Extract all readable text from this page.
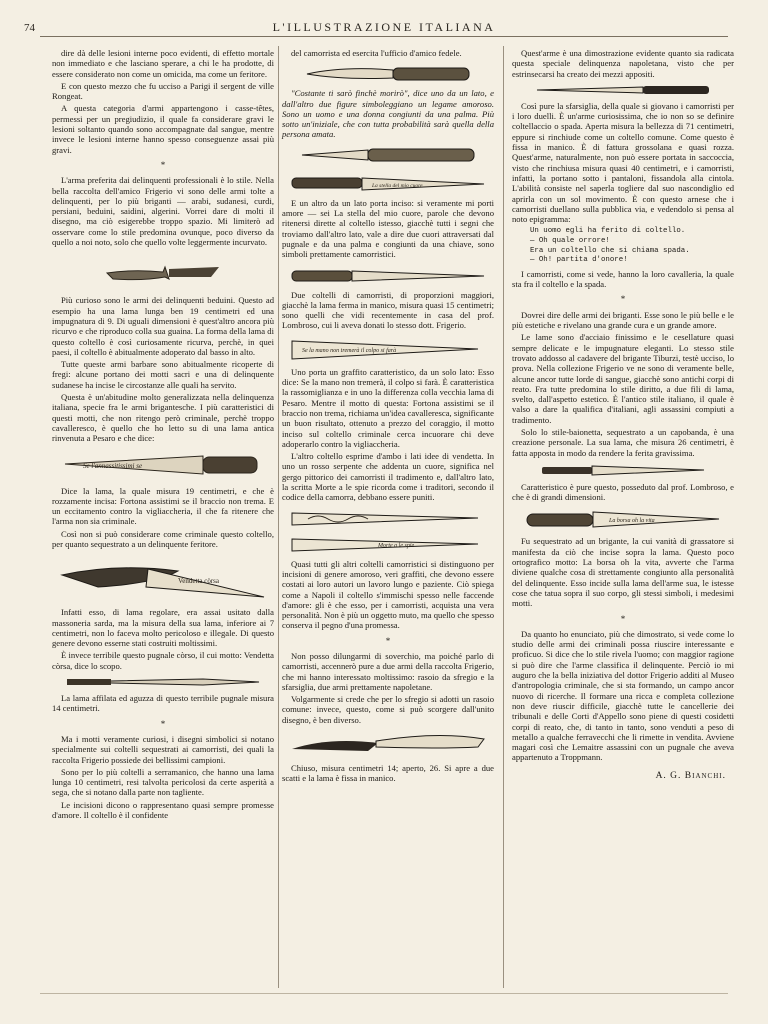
74	L'ILLUSTRAZIONE ITALIANA

dire dà delle lesioni interne poco evidenti, di effetto mortale non immediato e che lasciano sperare, a chi le ha prodotte, di essere considerato non come un omicida, ma come un feritore.

E con questo mezzo che fu ucciso a Parigi il sergent de ville Rongeat.

A questa categoria d'armi appartengono i casse-têtes, permessi per un pregiudizio, il quale fa considerare gravi le lesioni soltanto quando sono accompagnate dal sangue, mentre invece le lesioni interne hanno spesso conseguenze assai più gravi.

*

L'arma preferita dai delinquenti professionali è lo stile. Nella bella raccolta dell'amico Frigerio vi sono delle armi tolte a delinquenti, per lo più briganti — arabi, sudanesi, curdi, persiani, beduini, saidini, algerini. Vorrei dare di molti il disegno, ma ciò esigerebbe troppo spazio. Mi limiterò ad osservare come lo stile predomina ovunque, poco diverso da quello a noi noto, solo che quello volte leggermente incurvato.

Più curioso sono le armi dei delinquenti beduini. Questo ad esempio ha una lama lunga ben 19 centimetri ed una impugnatura di 9. Di uguali dimensioni è quest'altro ancora più ricurvo e che riproduco colla sua guaina. La forma della lama di questo coltello è così curiosamente ricurva, perchè, in quei paesi, il coltello è abitualmente adoperato dal basso in alto.

Tutte queste armi barbare sono abitualmente ricoperte di fregi: alcune portano dei motti sacri e una di delinquente sudanese ha incise le circostanze alle quali ha servito.

Questa è un'abitudine molto generalizzata nella delinquenza italiana, specie fra le armi brigantesche. I più caratteristici di questi motti, che non ritengo però criminale, perchè troppo cavalleresco, è quello che ho letto su di una lama antica rinvenuta a Pesaro e che dice:

Se l'annassitissimi se

Dice la lama, la quale misura 19 centimetri, e che è rozzamente incisa: Fortona assistimi se il braccio non trema. E un eccitamento contro la vigliaccheria, il che fa ritenere che l'arma non sia criminale.

Così non si può considerare come criminale questo coltello, per quanto sequestrato a un delinquente feritore.

Vendetta còrsa

Infatti esso, di lama regolare, era assai usitato dalla massoneria sarda, ma la misura della sua lama, inferiore ai 7 centimetri, non lo faceva molto pericoloso e illegale. Di questo genere devono esserne stati costruiti moltissimi.

È invece terribile questo pugnale còrso, il cui motto: Vendetta còrsa, dice lo scopo.

La lama affilata ed aguzza di questo terribile pugnale misura 14 centimetri.

*

Ma i motti veramente curiosi, i disegni simbolici si notano specialmente sui coltelli sequestrati ai camorristi, dei quali la raccolta Frigerio possiede dei bellissimi campioni.

Sono per lo più coltelli a serramanico, che hanno una lama lunga 10 centimetri, resi talvolta pericolosi da certe asperità a sega, che si notano dalla parte non tagliente.

Le incisioni dicono o rappresentano quasi sempre promesse d'amore. Il coltello è il confidente

del camorrista ed esercita l'ufficio d'amico fedele.

"Costante ti sarò finchè morirò", dice uno da un lato, e dall'altro due figure simboleggiano un legame amoroso. Sono un uomo e una donna congiunti da una palma. Più sotto un'iniziale, che con tutta probabilità sarà quella della persona amata.

La stella del mio cuore

E un altro da un lato porta inciso: si veramente mi porti amore — sei La stella del mio cuore, parole che devono ritenersi dirette al coltello istesso, giacchè tutti i segni che troviamo dall'altro lato, vale a dire due cuori attraversati dal pugnale e da una palma e congiunti da una chiave, sono simboli prettamente camorristici.

Due coltelli di camorristi, di proporzioni maggiori, giacchè la lama ferma in manico, misura quasi 15 centimetri; sono quelli che vidi recentemente in casa del prof. Lombroso, cui li aveva donati lo stesso dott. Frigerio.

Se la mano non tremerà il colpo si farà

Uno porta un graffito caratteristico, da un solo lato: Esso dice: Se la mano non tremerà, il colpo si farà. È caratteristica la rassomiglianza e in uno la differenza colla vecchia lama di Pesaro. Mentre il motto di questa: Fortona assistimi se il braccio non trema, richiama un'idea cavalleresca, significante un buon risultato, ottenuto a prezzo del coraggio, il motto inciso sul coltello criminale cerca incuorare chi deve adoperarlo contro la vigliaccheria.

L'altro coltello esprime d'ambo i lati idee di vendetta. In uno un rosso serpente che addenta un cuore, significa nel gergo pittorico dei camorristi il tradimento e, dall'altro lato, la scritta Morte a le spie ricorda come i traditori, secondo il codice della camorra, debbano essere puniti.

Morte a le spie

Quasi tutti gli altri coltelli camorristici si distinguono per incisioni di genere amoroso, veri graffiti, che devono essere costati ai loro autori un lavoro lungo e paziente. Ciò spiega come a Napoli il coltello s'immischi spesso nelle faccende d'amore: gli è che esso, per i camorristi, acquista una vera personalità. Non è più un oggetto muto, ma quello che spesso conserva il pegno d'una promessa.

*

Non posso dilungarmi di soverchio, ma poiché parlo di camorristi, accennerò pure a due armi della raccolta Frigerio, che mi hanno interessato moltissimo: rasoio da sfregio e la sfarsiglia, due armi prettamente napoletane.

Volgarmente si crede che per lo sfregio si adotti un rasoio comune: invece, questo, come si può scorgere dall'unito disegno, è ben diverso.

Chiuso, misura centimetri 14; aperto, 26. Si apre a due scatti e la lama è fissa in manico.

Quest'arme è una dimostrazione evidente quanto sia radicata questa speciale delinquenza napoletana, visto che per estrinsecarsi ha creato dei mezzi appositi.

Così pure la sfarsiglia, della quale si giovano i camorristi per i loro duelli. È un'arme curiosissima, che io non so se definire coltellaccio o spada. Aperta misura la bellezza di 71 centimetri, eppure si rinchiude come un coltello comune. Come questo è fissa in manico. È di fattura grossolana e quasi rozza. Quest'arme, naturalmente, non può essere portata in saccoccia, visto che rinchiusa misura quasi 40 centimetri, e i camorristi, infatti, la portano sotto i pantaloni, fissandola alla cintola. L'abilità consiste nel saperla togliere dal suo nascondiglio ed aprirla con un sol movimento. È con questo arnese che i camorristi duellano sulla pubblica via, e vedendolo si pensa al noto epigramma:

Un uomo egli ha ferito di coltello.
— Oh quale orrore!
Era un coltello che si chiama spada.
— Oh! partita d'onore!

I camorristi, come si vede, hanno la loro cavalleria, la quale sta fra il coltello e la spada.

*

Dovrei dire delle armi dei briganti. Esse sono le più belle e le più estetiche e rivelano una grande cura e un grande amore.

Le lame sono d'acciaio finissimo e le cesellature quasi sempre delicate e le impugnature eleganti. Lo stesso stile trovato addosso al cadavere del brigante Tiburzi, testè ucciso, lo prova. Nella collezione Frigerio ve ne sono di veramente belle, alcune ancor tutte lorde di sangue, giacchè sono antichi corpi di reato. Fra tutte predomina lo stile diritto, a due fili di lama, svelto, dall'aspetto estetico. È l'antico stile italiano, il quale è valso a dare la qualifica d'italiani, agli assassini compiuti a tradimento.

Solo lo stile-baionetta, sequestrato a un capobanda, è una creazione personale. La sua lama, che misura 26 centimetri, è fatta apposta in modo da rendere la ferita gravissima.

Caratteristico è pure questo, posseduto dal prof. Lombroso, e che è di grandi dimensioni.

La borsa oh la vita

Fu sequestrato ad un brigante, la cui vanità di grassatore si manifesta da ciò che incise sopra la lama. Questo poco ortografico motto: La borsa oh la vita, avverte che l'arma diviene qualche cosa di strettamente congiunto alla personalità del delinquente. Esso incide sulla lama dell'arme sua, le istesse cose che tatua sopra il suo corpo, gli stessi simboli, i medesimi motti.

*

Da quanto ho enunciato, più che dimostrato, si vede come lo studio delle armi dei criminali possa riuscire interessante e proficuo. Si dice che lo stile rivela l'uomo; con maggior ragione si può dire che l'arme classifica il delinquente. Perciò io mi auguro che la bella iniziativa del dottor Frigerio additi al Museo d'antropologia criminale, che si sta formando, un campo ancor nuovo di ricerche. Il formare una ricca e completa collezione non deve riuscir difficile, giacchè tutte le cancellerie dei tribunali e delle Corti d'Appello sono piene di questi cosidetti corpi di reato, che, di tanto in tanto, sono venduti a peso di metallo a qualche ferravecchi che li rimette in vendita. Avviene magari così che Lemaitre assassini con un pugnale che aveva appartenuto a Troppmann.

A. G. Bianchi.
